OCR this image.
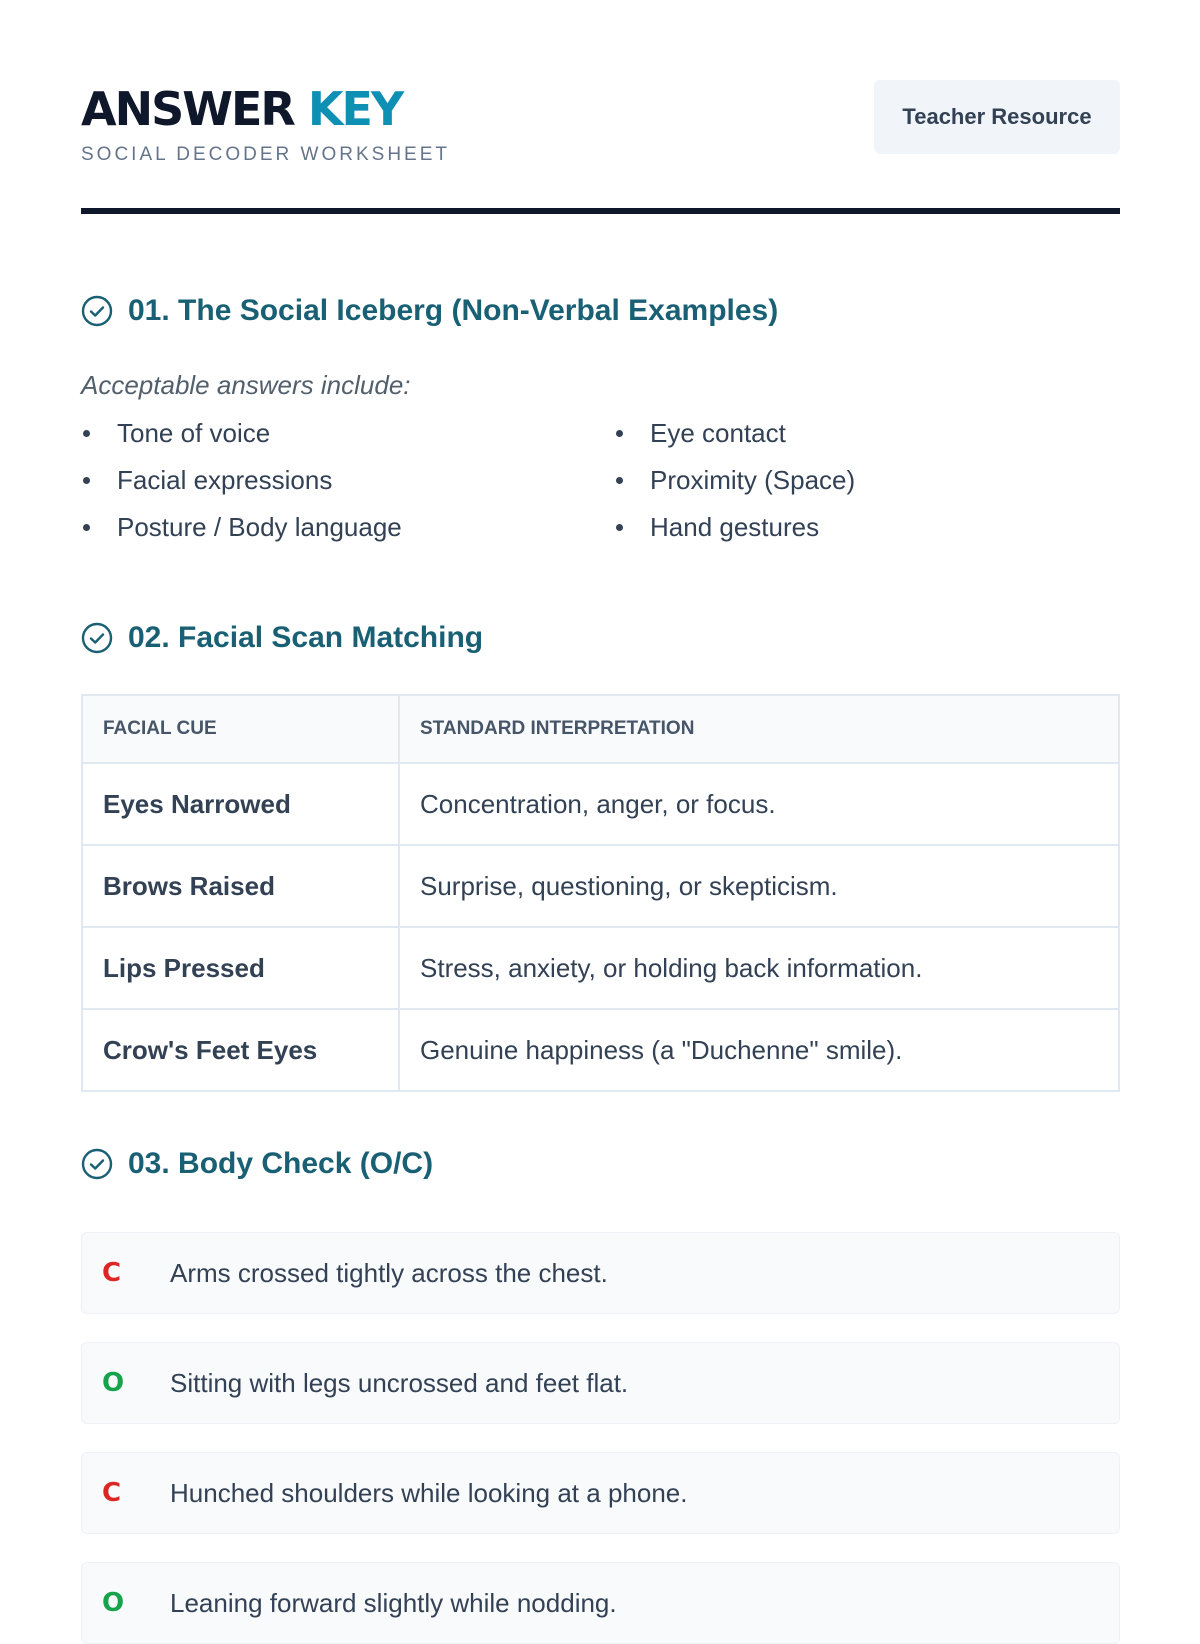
ANSWER KEY
SOCIAL DECODER WORKSHEET
Teacher Resource
01. The Social Iceberg (Non-Verbal Examples)
Acceptable answers include:
Tone of voice
Facial expressions
Posture / Body language
Eye contact
Proximity (Space)
Hand gestures
02. Facial Scan Matching
FACIAL CUE	STANDARD INTERPRETATION
Eyes Narrowed	Concentration, anger, or focus.
Brows Raised	Surprise, questioning, or skepticism.
Lips Pressed	Stress, anxiety, or holding back information.
Crow's Feet Eyes	Genuine happiness (a "Duchenne" smile).
03. Body Check (O/C)
C	Arms crossed tightly across the chest.
O	Sitting with legs uncrossed and feet flat.
C	Hunched shoulders while looking at a phone.
O	Leaning forward slightly while nodding.
